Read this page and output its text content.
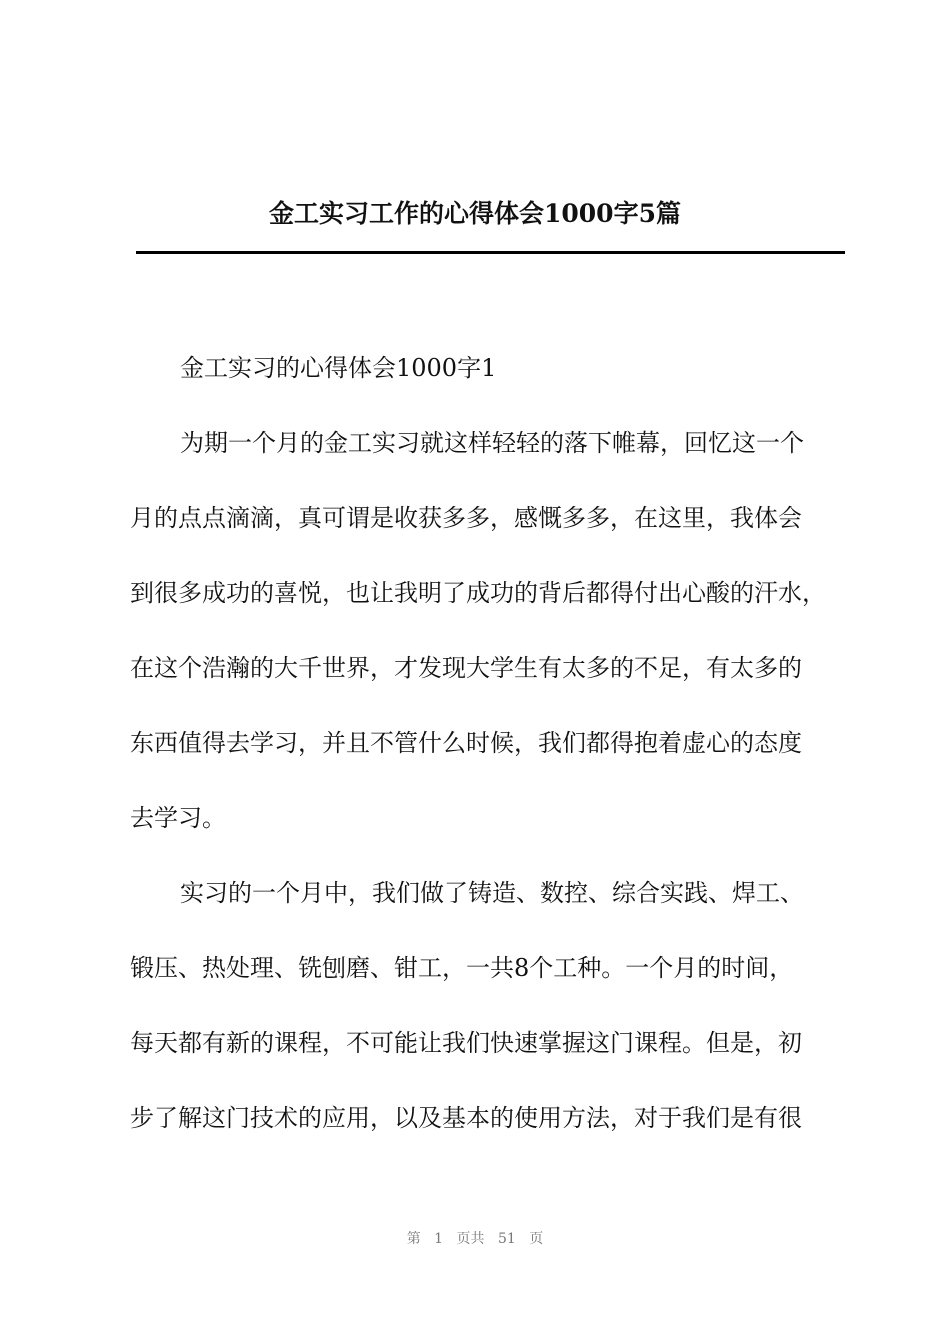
金工实习工作的心得体会1000字5篇
金工实习的心得体会1000字1
为期一个月的金工实习就这样轻轻的落下帷幕，回忆这一个
月的点点滴滴，真可谓是收获多多，感慨多多，在这里，我体会
到很多成功的喜悦，也让我明了成功的背后都得付出心酸的汗水，
在这个浩瀚的大千世界，才发现大学生有太多的不足，有太多的
东西值得去学习，并且不管什么时候，我们都得抱着虚心的态度
去学习。
实习的一个月中，我们做了铸造、数控、综合实践、焊工、
锻压、热处理、铣刨磨、钳工，一共8个工种。一个月的时间，
每天都有新的课程，不可能让我们快速掌握这门课程。但是，初
步了解这门技术的应用，以及基本的使用方法，对于我们是有很
第 1 页共 51 页
